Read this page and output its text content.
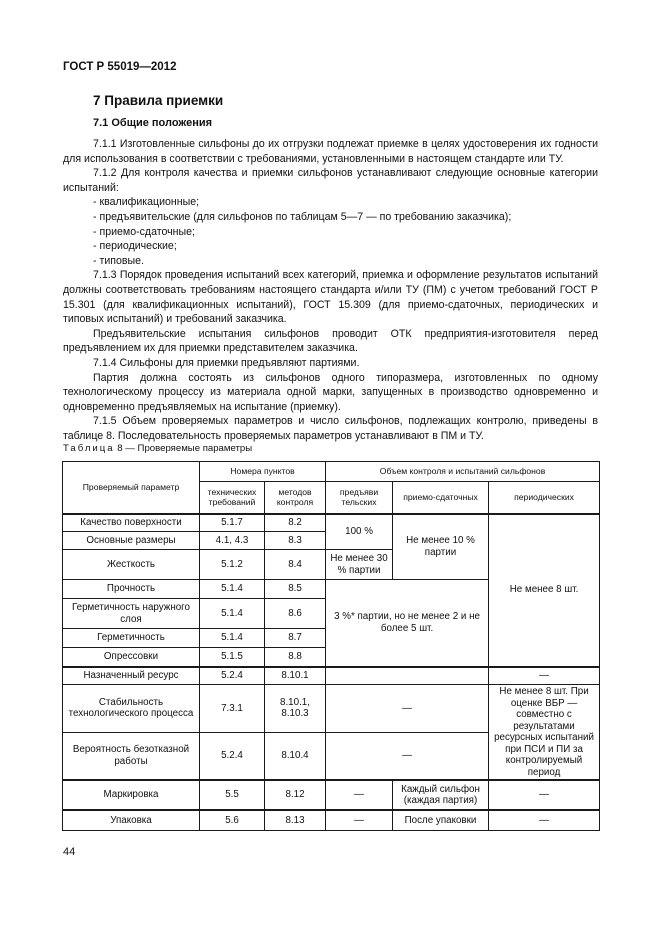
ГОСТ Р 55019—2012
7 Правила приемки
7.1 Общие положения

7.1.1 Изготовленные сильфоны до их отгрузки подлежат приемке в целях удостоверения их годности для использования в соответствии с требованиями, установленными в настоящем стандарте или ТУ.

7.1.2 Для контроля качества и приемки сильфонов устанавливают следующие основные категории испытаний:

- квалификационные;

- предъявительские (для сильфонов по таблицам 5—7 — по требованию заказчика);

- приемо-сдаточные;

- периодические;

- типовые.

7.1.3 Порядок проведения испытаний всех категорий, приемка и оформление результатов испытаний должны соответствовать требованиям настоящего стандарта и/или ТУ (ПМ) с учетом требований ГОСТ Р 15.301 (для квалификационных испытаний), ГОСТ 15.309 (для приемо-сдаточных, периодических и типовых испытаний) и требований заказчика.

Предъявительские испытания сильфонов проводит ОТК предприятия-изготовителя перед предъявлением их для приемки представителем заказчика.

7.1.4 Сильфоны для приемки предъявляют партиями.

Партия должна состоять из сильфонов одного типоразмера, изготовленных по одному технологическому процессу из материала одной марки, запущенных в производство одновременно и одновременно предъявляемых на испытание (приемку).

7.1.5 Объем проверяемых параметров и число сильфонов, подлежащих контролю, приведены в таблице 8. Последовательность проверяемых параметров устанавливают в ПМ и ТУ.

Таблица 8 — Проверяемые параметры
Проверяемый параметр	Номера пунктов		Объем контроля и испытаний сильфонов		
	технических требований	методов контроля	предъяви тельских	приемо-сдаточных	периодических
Качество поверхности	5.1.7	8.2	100 %	Не менее 10 % партии	Не менее 8 шт.
Основные размеры	4.1, 4.3	8.3			
Жесткость	5.1.2	8.4	Не менее 30 % партии		
Прочность	5.1.4	8.5	3 %* партии, но не менее 2 и не более 5 шт.		
Герметичность наружного слоя	5.1.4	8.6			
Герметичность	5.1.4	8.7			
Опрессовки	5.1.5	8.8			
Назначенный ресурс	5.2.4	8.10.1			—
Стабильность технологического процесса	7.3.1	8.10.1, 8.10.3	—		Не менее 8 шт. При оценке ВБР — совместно с результатами ресурсных испытаний при ПСИ и ПИ за контролируемый период
Вероятность безотказной работы	5.2.4	8.10.4	—		
Маркировка	5.5	8.12	—	Каждый сильфон (каждая партия)	—
Упаковка	5.6	8.13	—	После упаковки	—
44
